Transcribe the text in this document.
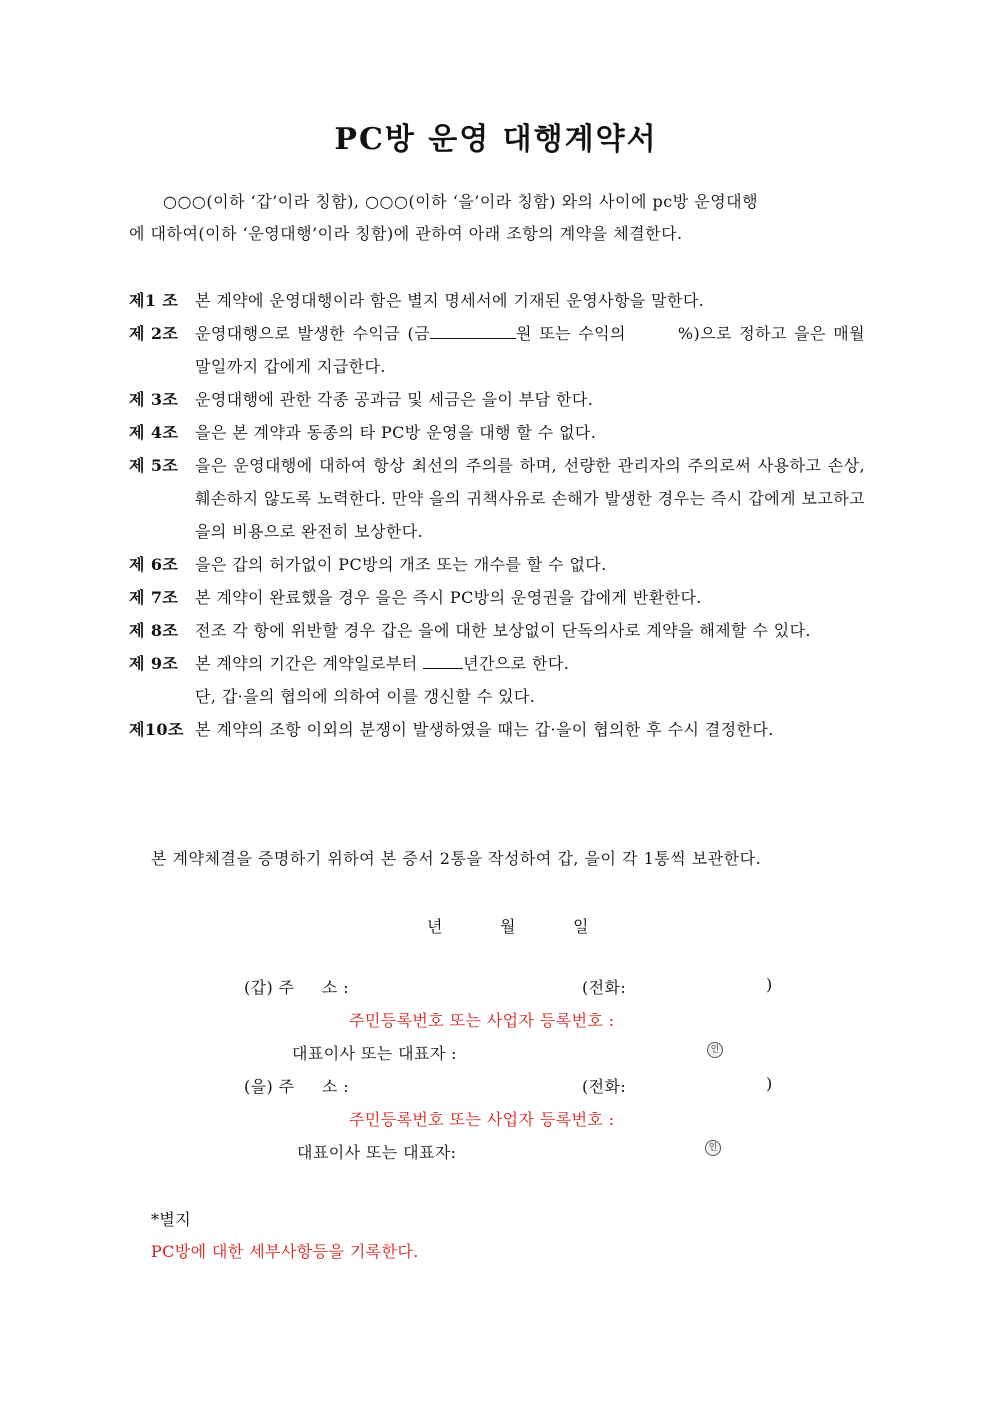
PC방 운영 대행계약서
○○○(이하 ‘갑’이라 칭함), ○○○(이하 ‘을’이라 칭함) 와의 사이에 pc방 운영대행
에 대하여(이하 ‘운영대행’이라 칭함)에 관하여 아래 조항의 계약을 체결한다.
제1 조 본 계약에 운영대행이라 함은 별지 명세서에 기재된 운영사항을 말한다.
제 2조 운영대행으로 발생한 수익금 (금	원 또는 수익의	%)으로 정하고 을은 매월 말일까지 갑에게 지급한다.
제 3조 운영대행에 관한 각종 공과금 및 세금은 을이 부담 한다.
제 4조 을은 본 계약과 동종의 타 PC방 운영을 대행 할 수 없다.
제 5조 을은 운영대행에 대하여 항상 최선의 주의를 하며, 선량한 관리자의 주의로써 사용하고 손상, 훼손하지 않도록 노력한다. 만약 을의 귀책사유로 손해가 발생한 경우는 즉시 갑에게 보고하고 을의 비용으로 완전히 보상한다.
제 6조 을은 갑의 허가없이 PC방의 개조 또는 개수를 할 수 없다.
제 7조 본 계약이 완료했을 경우 을은 즉시 PC방의 운영권을 갑에게 반환한다.
제 8조 전조 각 항에 위반할 경우 갑은 을에 대한 보상없이 단독의사로 계약을 해제할 수 있다.
제 9조 본 계약의 기간은 계약일로부터	년간으로 한다.
단, 갑·을의 협의에 의하여 이를 갱신할 수 있다.
제10조 본 계약의 조항 이외의 분쟁이 발생하였을 때는 갑·을이 협의한 후 수시 결정한다.
본 계약체결을 증명하기 위하여 본 증서 2통을 작성하여 갑, 을이 각 1통씩 보관한다.
년	월	일
(갑) 주     소 :	(전화:	)
주민등록번호 또는 사업자 등록번호 :
대표이사 또는 대표자 :	인
(을) 주     소 :	(전화:	)
주민등록번호 또는 사업자 등록번호 :
대표이사 또는 대표자:	인
*별지
PC방에 대한 세부사항등을 기록한다.
